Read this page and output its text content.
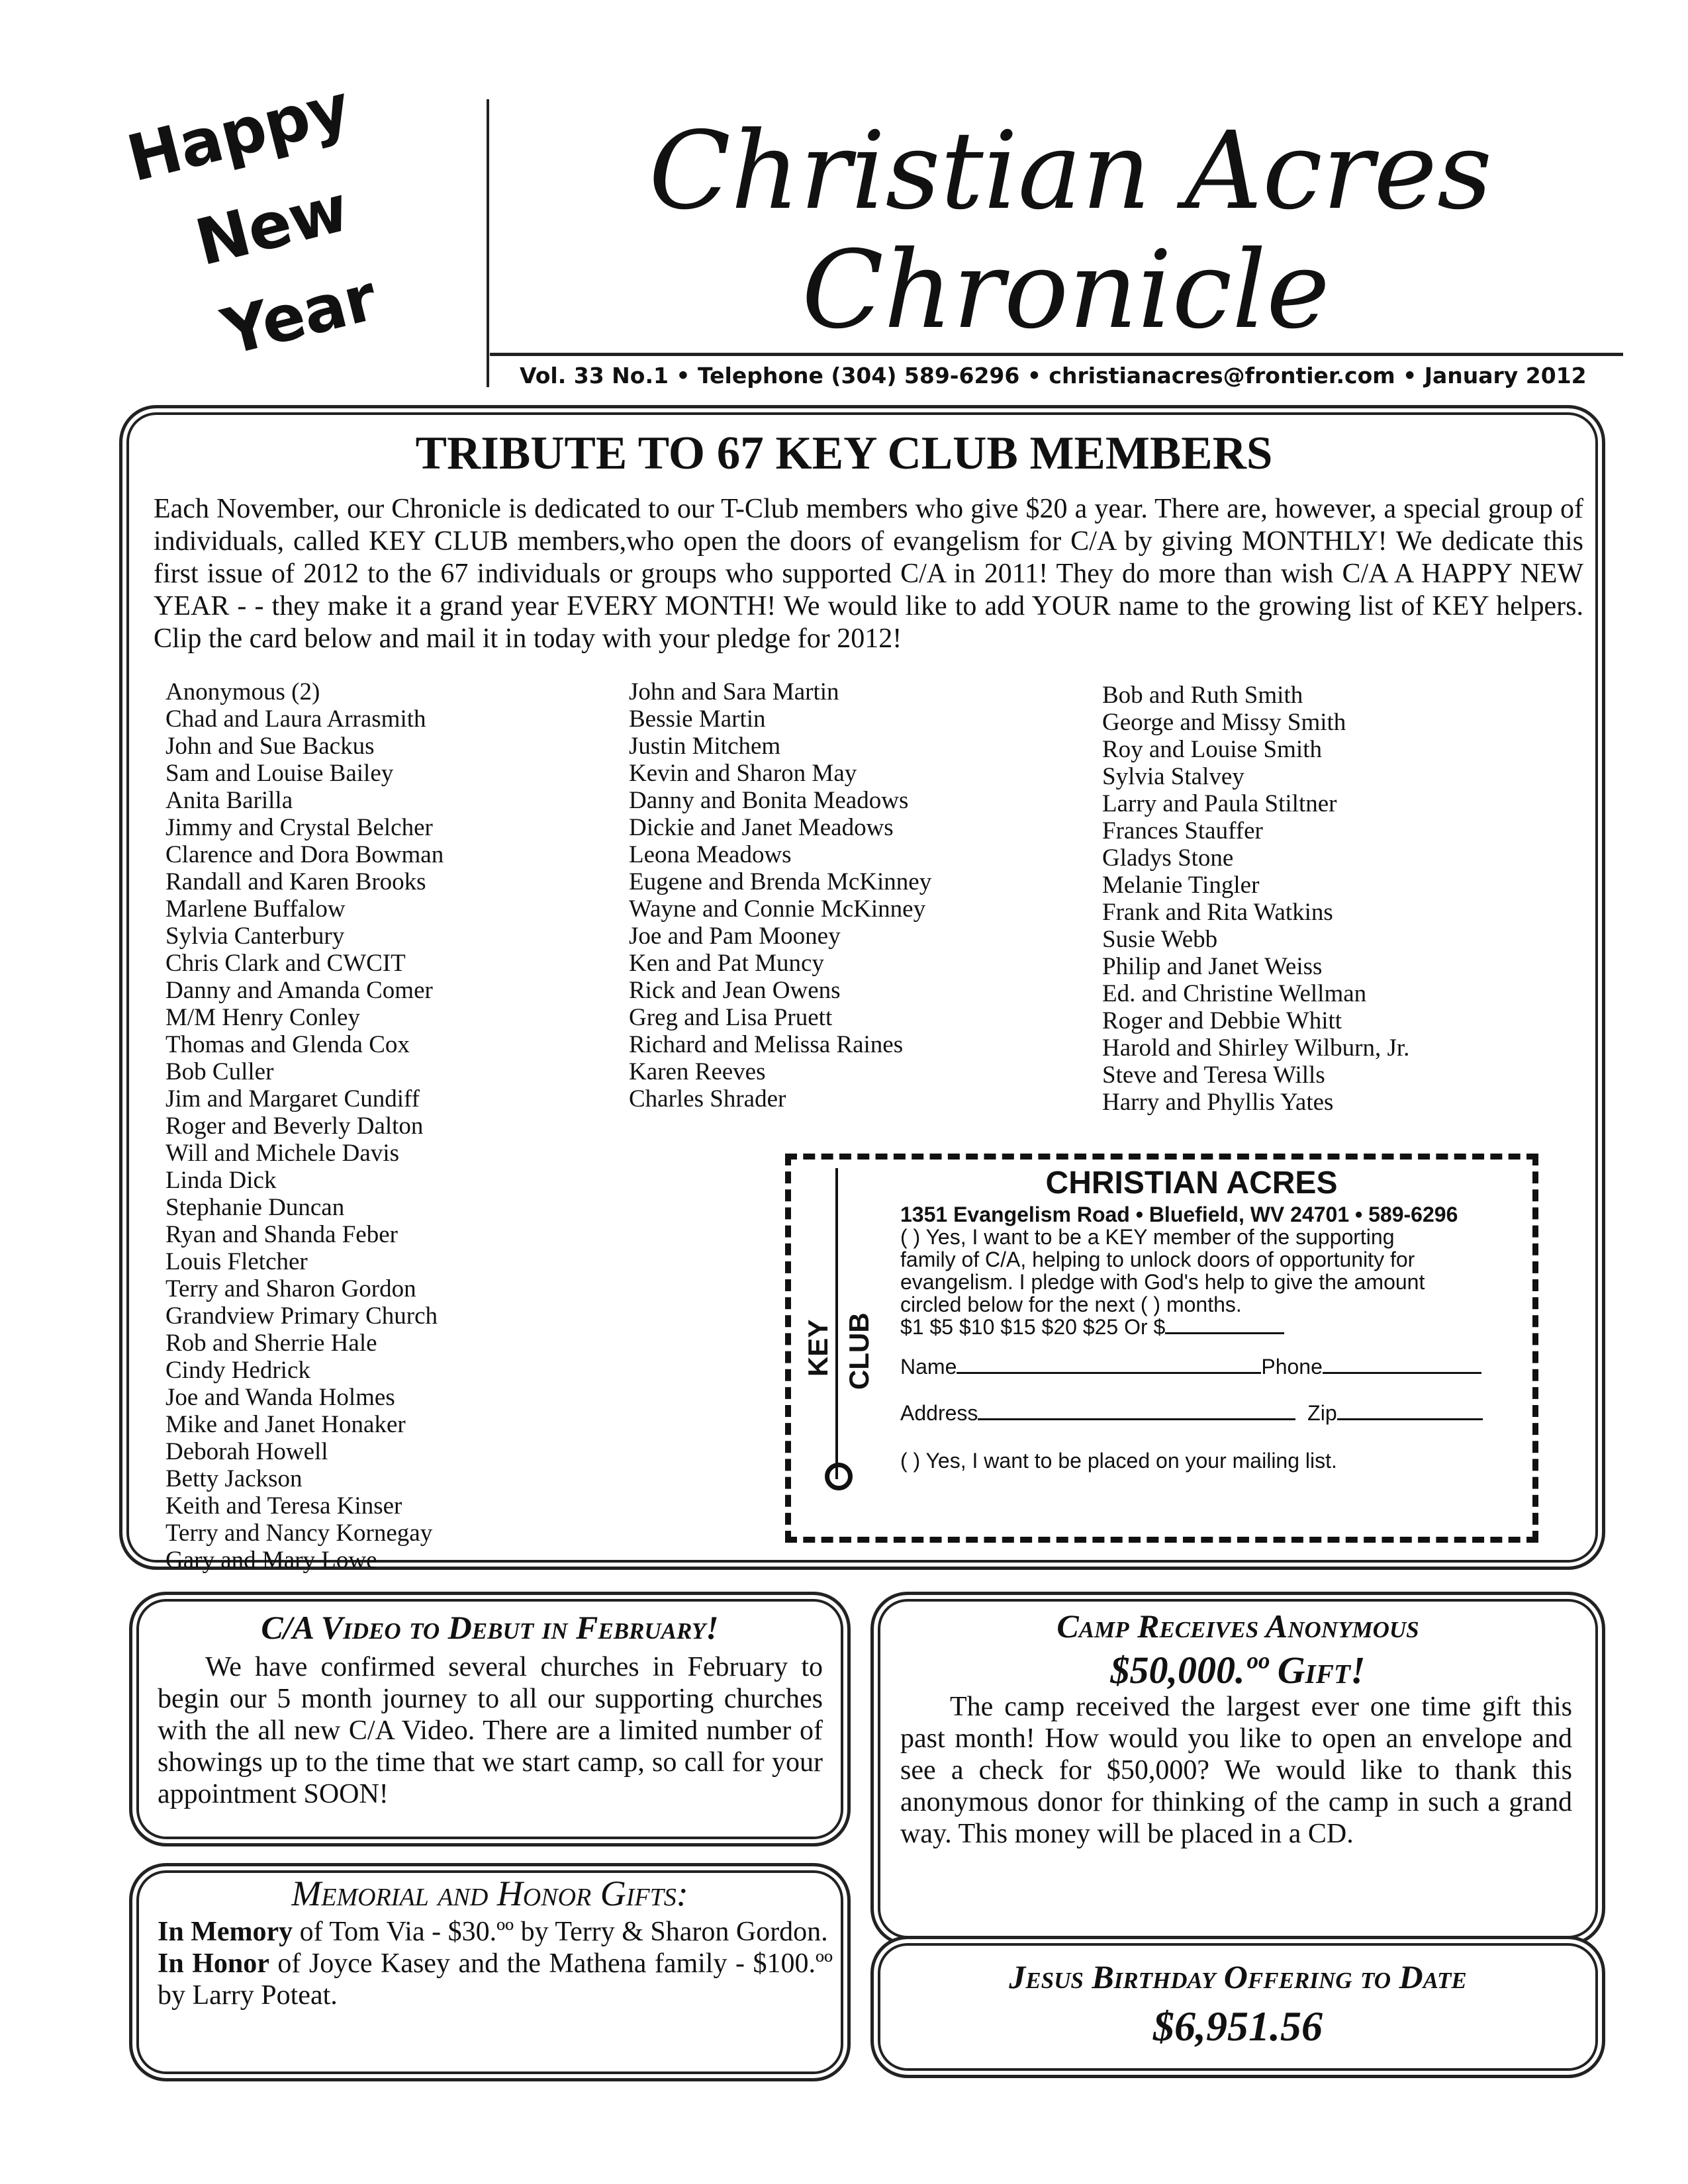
Happy
New
Year
Christian Acres
Chronicle
Vol. 33 No.1 • Telephone (304) 589-6296 • christianacres@frontier.com • January 2012
TRIBUTE TO 67 KEY CLUB MEMBERS
Each November, our Chronicle is dedicated to our T-Club members who give $20 a year. There are, however, a special group of individuals, called KEY CLUB members,who open the doors of evangelism for C/A by giving MONTHLY! We dedicate this first issue of 2012 to the 67 individuals or groups who supported C/A in 2011! They do more than wish C/A A HAPPY NEW YEAR - - they make it a grand year EVERY MONTH! We would like to add YOUR name to the growing list of KEY helpers. Clip the card below and mail it in today with your pledge for 2012!
Anonymous (2)
Chad and Laura Arrasmith
John and Sue Backus
Sam and Louise Bailey
Anita Barilla
Jimmy and Crystal Belcher
Clarence and Dora Bowman
Randall and Karen Brooks
Marlene Buffalow
Sylvia Canterbury
Chris Clark and CWCIT
Danny and Amanda Comer
M/M Henry Conley
Thomas and Glenda Cox
Bob Culler
Jim and Margaret Cundiff
Roger and Beverly Dalton
Will and Michele Davis
Linda Dick
Stephanie Duncan
Ryan and Shanda Feber
Louis Fletcher
Terry and Sharon Gordon
Grandview Primary Church
Rob and Sherrie Hale
Cindy Hedrick
Joe and Wanda Holmes
Mike and Janet Honaker
Deborah Howell
Betty Jackson
Keith and Teresa Kinser
Terry and Nancy Kornegay
Gary and Mary Lowe
John and Sara Martin
Bessie Martin
Justin Mitchem
Kevin and Sharon May
Danny and Bonita Meadows
Dickie and Janet Meadows
Leona Meadows
Eugene and Brenda McKinney
Wayne and Connie McKinney
Joe and Pam Mooney
Ken and Pat Muncy
Rick and Jean Owens
Greg and Lisa Pruett
Richard and Melissa Raines
Karen Reeves
Charles Shrader
Bob and Ruth Smith
George and Missy Smith
Roy and Louise Smith
Sylvia Stalvey
Larry and Paula Stiltner
Frances Stauffer
Gladys Stone
Melanie Tingler
Frank and Rita Watkins
Susie Webb
Philip and Janet Weiss
Ed. and Christine Wellman
Roger and Debbie Whitt
Harold and Shirley Wilburn, Jr.
Steve and Teresa Wills
Harry and Phyllis Yates
KEY CLUB
CHRISTIAN ACRES
1351 Evangelism Road • Bluefield, WV 24701 • 589-6296
( ) Yes, I want to be a KEY member of the supporting
family of C/A, helping to unlock doors of opportunity for
evangelism. I pledge with God's help to give the amount
circled below for the next ( ) months.
$1 $5 $10 $15 $20 $25 Or $
Name	Phone
Address	Zip
( ) Yes, I want to be placed on your mailing list.
C/A Video to Debut in February!
We have confirmed several churches in February to begin our 5 month journey to all our supporting churches with the all new C/A Video. There are a limited number of showings up to the time that we start camp, so call for your appointment SOON!
Camp Receives Anonymous
$50,000.ºº Gift!
The camp received the largest ever one time gift this past month! How would you like to open an envelope and see a check for $50,000? We would like to thank this anonymous donor for thinking of the camp in such a grand way. This money will be placed in a CD.
Memorial and Honor Gifts:
In Memory of Tom Via - $30.ºº by Terry & Sharon Gordon.
In Honor of Joyce Kasey and the Mathena family - $100.ºº by Larry Poteat.	Jesus Birthday Offering to Date
$6,951.56
